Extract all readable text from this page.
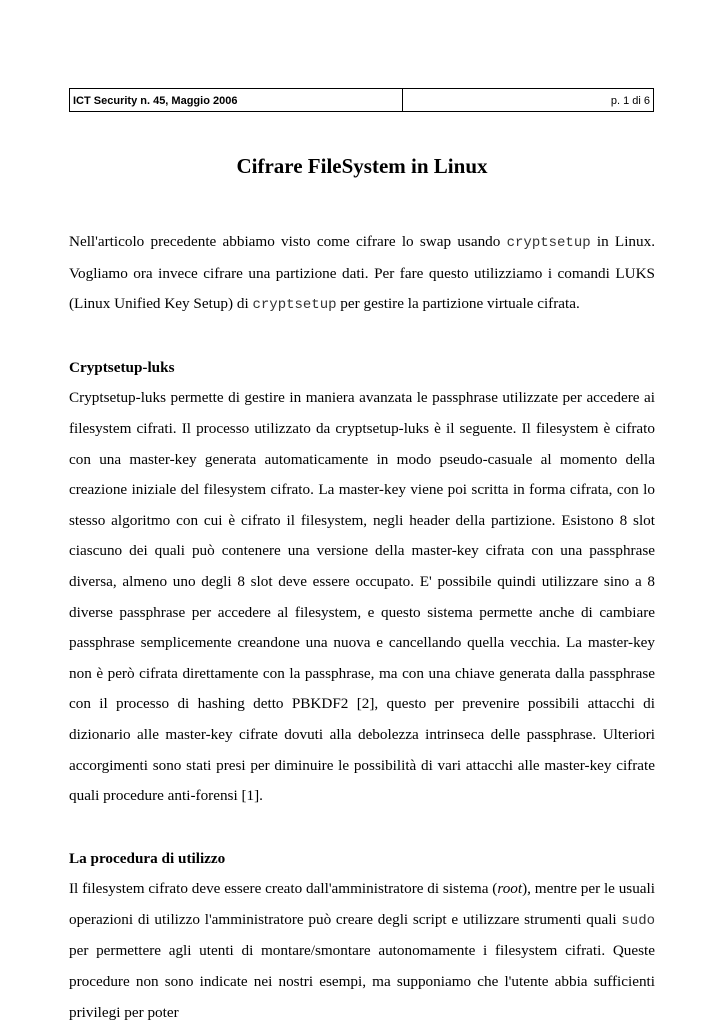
ICT Security n. 45, Maggio 2006	p. 1 di 6
Cifrare FileSystem in Linux

Nell'articolo precedente abbiamo visto come cifrare lo swap usando cryptsetup in Linux. Vogliamo ora invece cifrare una partizione dati. Per fare questo utilizziamo i comandi LUKS (Linux Unified Key Setup) di cryptsetup per gestire la partizione virtuale cifrata.

Cryptsetup-luks

Cryptsetup-luks permette di gestire in maniera avanzata le passphrase utilizzate per accedere ai filesystem cifrati. Il processo utilizzato da cryptsetup-luks è il seguente. Il filesystem è cifrato con una master-key generata automaticamente in modo pseudo-casuale al momento della creazione iniziale del filesystem cifrato. La master-key viene poi scritta in forma cifrata, con lo stesso algoritmo con cui è cifrato il filesystem, negli header della partizione. Esistono 8 slot ciascuno dei quali può contenere una versione della master-key cifrata con una passphrase diversa, almeno uno degli 8 slot deve essere occupato. E' possibile quindi utilizzare sino a 8 diverse passphrase per accedere al filesystem, e questo sistema permette anche di cambiare passphrase semplicemente creandone una nuova e cancellando quella vecchia. La master-key non è però cifrata direttamente con la passphrase, ma con una chiave generata dalla passphrase con il processo di hashing detto PBKDF2 [2], questo per prevenire possibili attacchi di dizionario alle master-key cifrate dovuti alla debolezza intrinseca delle passphrase. Ulteriori accorgimenti sono stati presi per diminuire le possibilità di vari attacchi alle master-key cifrate quali procedure anti-forensi [1].

La procedura di utilizzo

Il filesystem cifrato deve essere creato dall'amministratore di sistema (root), mentre per le usuali operazioni di utilizzo l'amministratore può creare degli script e utilizzare strumenti quali sudo per permettere agli utenti di montare/smontare autonomamente i filesystem cifrati. Queste procedure non sono indicate nei nostri esempi, ma supponiamo che l'utente abbia sufficienti privilegi per poter
